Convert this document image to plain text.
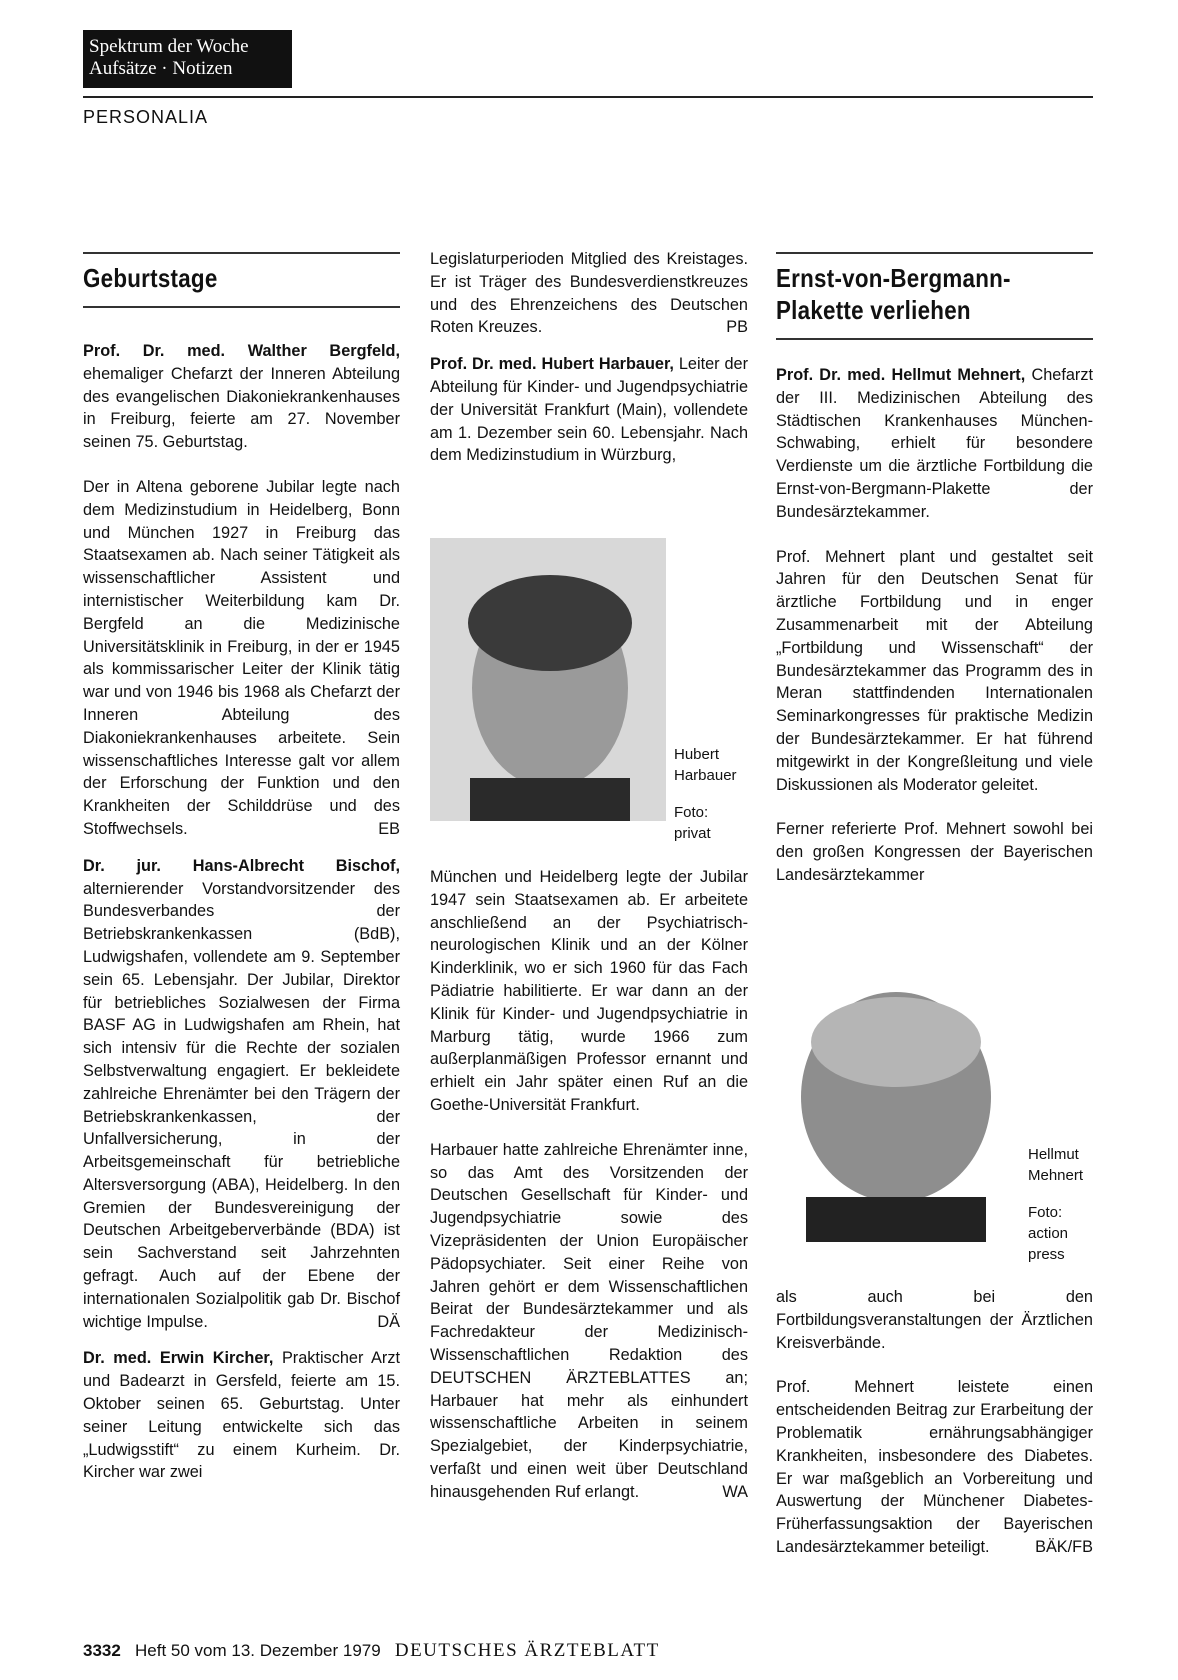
Spektrum der Woche
Aufsätze · Notizen
PERSONALIA
Geburtstage

Prof. Dr. med. Walther Bergfeld, ehemaliger Chefarzt der Inneren Abteilung des evangelischen Diakoniekrankenhauses in Freiburg, feierte am 27. November seinen 75. Geburtstag.

Der in Altena geborene Jubilar legte nach dem Medizinstudium in Heidelberg, Bonn und München 1927 in Freiburg das Staatsexamen ab. Nach seiner Tätigkeit als wissenschaftlicher Assistent und internistischer Weiterbildung kam Dr. Bergfeld an die Medizinische Universitätsklinik in Freiburg, in der er 1945 als kommissarischer Leiter der Klinik tätig war und von 1946 bis 1968 als Chefarzt der Inneren Abteilung des Diakoniekrankenhauses arbeitete. Sein wissenschaftliches Interesse galt vor allem der Erforschung der Funktion und den Krankheiten der Schilddrüse und des Stoffwechsels.	EB

Dr. jur. Hans-Albrecht Bischof, alternierender Vorstandvorsitzender des Bundesverbandes der Betriebskrankenkassen (BdB), Ludwigshafen, vollendete am 9. September sein 65. Lebensjahr. Der Jubilar, Direktor für betriebliches Sozialwesen der Firma BASF AG in Ludwigshafen am Rhein, hat sich intensiv für die Rechte der sozialen Selbstverwaltung engagiert. Er bekleidete zahlreiche Ehrenämter bei den Trägern der Betriebskrankenkassen, der Unfallversicherung, in der Arbeitsgemeinschaft für betriebliche Altersversorgung (ABA), Heidelberg. In den Gremien der Bundesvereinigung der Deutschen Arbeitgeberverbände (BDA) ist sein Sachverstand seit Jahrzehnten gefragt. Auch auf der Ebene der internationalen Sozialpolitik gab Dr. Bischof wichtige Impulse.	DÄ

Dr. med. Erwin Kircher, Praktischer Arzt und Badearzt in Gersfeld, feierte am 15. Oktober seinen 65. Geburtstag. Unter seiner Leitung entwickelte sich das „Ludwigsstift“ zu einem Kurheim. Dr. Kircher war zwei

Legislaturperioden Mitglied des Kreistages. Er ist Träger des Bundesverdienstkreuzes und des Ehrenzeichens des Deutschen Roten Kreuzes.	PB

Prof. Dr. med. Hubert Harbauer, Leiter der Abteilung für Kinder- und Jugendpsychiatrie der Universität Frankfurt (Main), vollendete am 1. Dezember sein 60. Lebensjahr. Nach dem Medizinstudium in Würzburg,

Hubert
Harbauer
Foto:
privat

München und Heidelberg legte der Jubilar 1947 sein Staatsexamen ab. Er arbeitete anschließend an der Psychiatrisch-neurologischen Klinik und an der Kölner Kinderklinik, wo er sich 1960 für das Fach Pädiatrie habilitierte. Er war dann an der Klinik für Kinder- und Jugendpsychiatrie in Marburg tätig, wurde 1966 zum außerplanmäßigen Professor ernannt und erhielt ein Jahr später einen Ruf an die Goethe-Universität Frankfurt.

Harbauer hatte zahlreiche Ehrenämter inne, so das Amt des Vorsitzenden der Deutschen Gesellschaft für Kinder- und Jugendpsychiatrie sowie des Vizepräsidenten der Union Europäischer Pädopsychiater. Seit einer Reihe von Jahren gehört er dem Wissenschaftlichen Beirat der Bundesärztekammer und als Fachredakteur der Medizinisch-Wissenschaftlichen Redaktion des DEUTSCHEN ÄRZTEBLATTES an; Harbauer hat mehr als einhundert wissenschaftliche Arbeiten in seinem Spezialgebiet, der Kinderpsychiatrie, verfaßt und einen weit über Deutschland hinausgehenden Ruf erlangt.	WA

Ernst-von-Bergmann-
Plakette verliehen

Prof. Dr. med. Hellmut Mehnert, Chefarzt der III. Medizinischen Abteilung des Städtischen Krankenhauses München-Schwabing, erhielt für besondere Verdienste um die ärztliche Fortbildung die Ernst-von-Bergmann-Plakette der Bundesärztekammer.

Prof. Mehnert plant und gestaltet seit Jahren für den Deutschen Senat für ärztliche Fortbildung und in enger Zusammenarbeit mit der Abteilung „Fortbildung und Wissenschaft“ der Bundesärztekammer das Programm des in Meran stattfindenden Internationalen Seminarkongresses für praktische Medizin der Bundesärztekammer. Er hat führend mitgewirkt in der Kongreßleitung und viele Diskussionen als Moderator geleitet.

Ferner referierte Prof. Mehnert sowohl bei den großen Kongressen der Bayerischen Landesärztekammer

Hellmut
Mehnert
Foto:
action
press

als auch bei den Fortbildungsveranstaltungen der Ärztlichen Kreisverbände.

Prof. Mehnert leistete einen entscheidenden Beitrag zur Erarbeitung der Problematik ernährungsabhängiger Krankheiten, insbesondere des Diabetes. Er war maßgeblich an Vorbereitung und Auswertung der Münchener Diabetes-Früherfassungsaktion der Bayerischen Landesärztekammer beteiligt.	BÄK/FB

3332 Heft 50 vom 13. Dezember 1979 DEUTSCHES ÄRZTEBLATT
